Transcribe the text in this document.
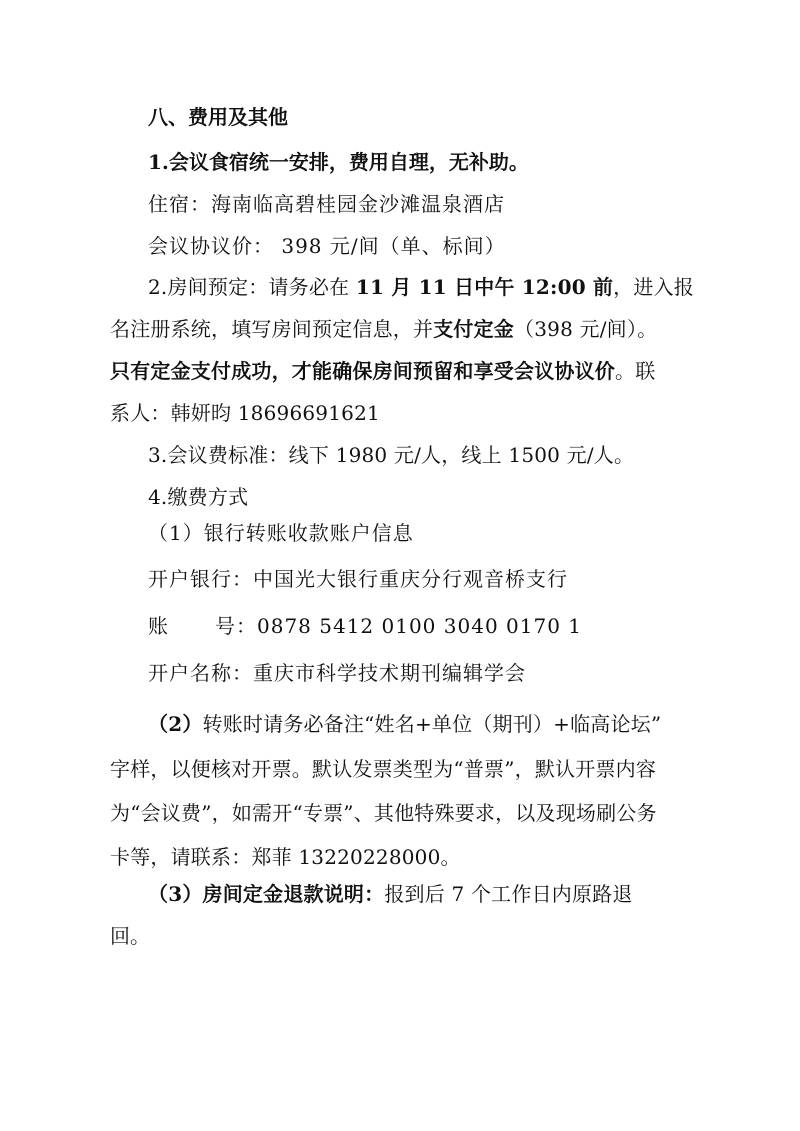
八、费用及其他
1.会议食宿统一安排，费用自理，无补助。
住宿：海南临高碧桂园金沙滩温泉酒店
会议协议价： 398 元/间（单、标间）
2.房间预定：请务必在 11 月 11 日中午 12:00 前，进入报
名注册系统，填写房间预定信息，并支付定金（398 元/间）。
只有定金支付成功，才能确保房间预留和享受会议协议价。联
系人：韩妍昀 18696691621
3.会议费标准：线下 1980 元/人，线上 1500 元/人。
4.缴费方式
（1）银行转账收款账户信息
开户银行：中国光大银行重庆分行观音桥支行
账 号：0878 5412 0100 3040 0170 1
开户名称：重庆市科学技术期刊编辑学会
（2）转账时请务必备注“姓名+单位（期刊）+临高论坛”
字样，以便核对开票。默认发票类型为“普票”，默认开票内容
为“会议费”，如需开“专票”、其他特殊要求，以及现场刷公务
卡等，请联系：郑菲 13220228000。
（3）房间定金退款说明：报到后 7 个工作日内原路退
回。
